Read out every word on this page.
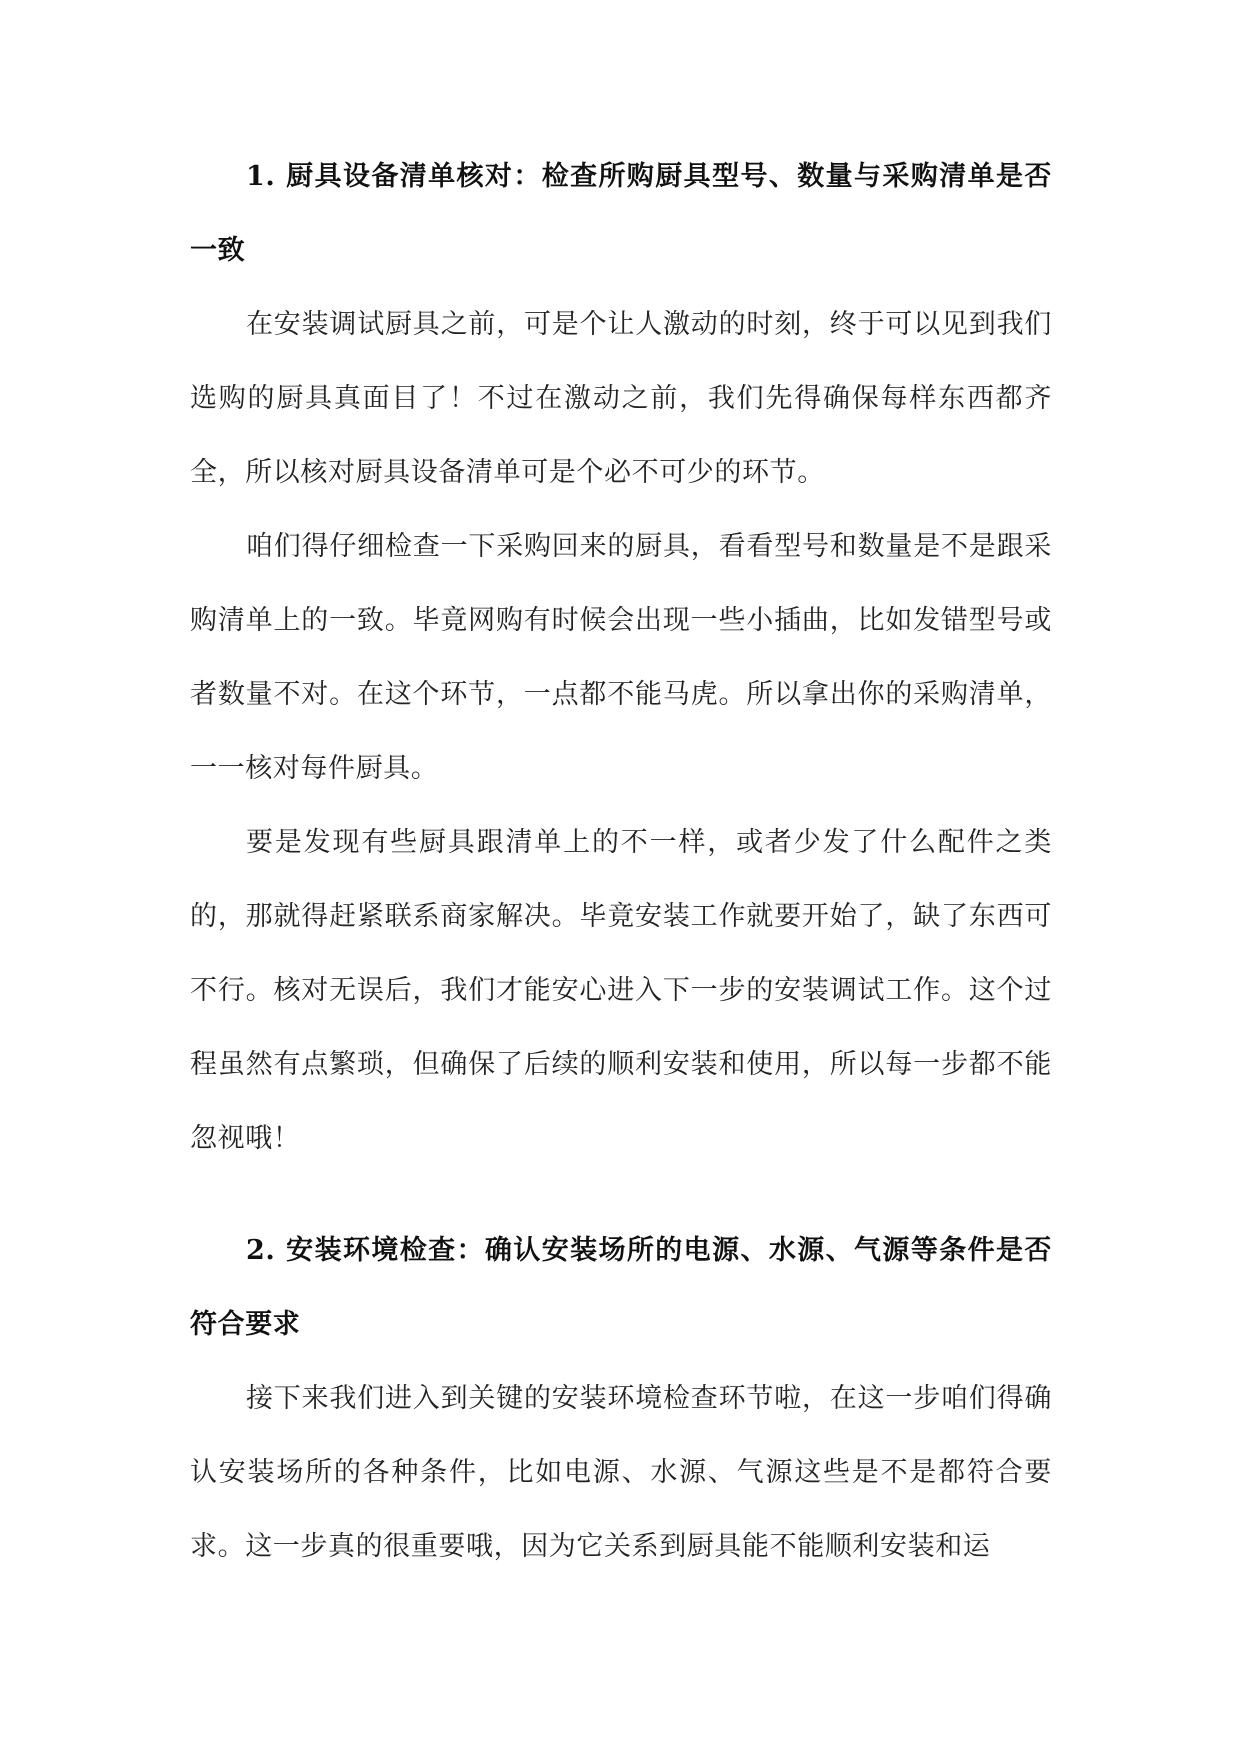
1. 厨具设备清单核对：检查所购厨具型号、数量与采购清单是否一致

在安装调试厨具之前，可是个让人激动的时刻，终于可以见到我们选购的厨具真面目了！不过在激动之前，我们先得确保每样东西都齐全，所以核对厨具设备清单可是个必不可少的环节。

咱们得仔细检查一下采购回来的厨具，看看型号和数量是不是跟采购清单上的一致。毕竟网购有时候会出现一些小插曲，比如发错型号或者数量不对。在这个环节，一点都不能马虎。所以拿出你的采购清单，一一核对每件厨具。

要是发现有些厨具跟清单上的不一样，或者少发了什么配件之类的，那就得赶紧联系商家解决。毕竟安装工作就要开始了，缺了东西可不行。核对无误后，我们才能安心进入下一步的安装调试工作。这个过程虽然有点繁琐，但确保了后续的顺利安装和使用，所以每一步都不能忽视哦！

2. 安装环境检查：确认安装场所的电源、水源、气源等条件是否符合要求

接下来我们进入到关键的安装环境检查环节啦，在这一步咱们得确认安装场所的各种条件，比如电源、水源、气源这些是不是都符合要求。这一步真的很重要哦，因为它关系到厨具能不能顺利安装和运
